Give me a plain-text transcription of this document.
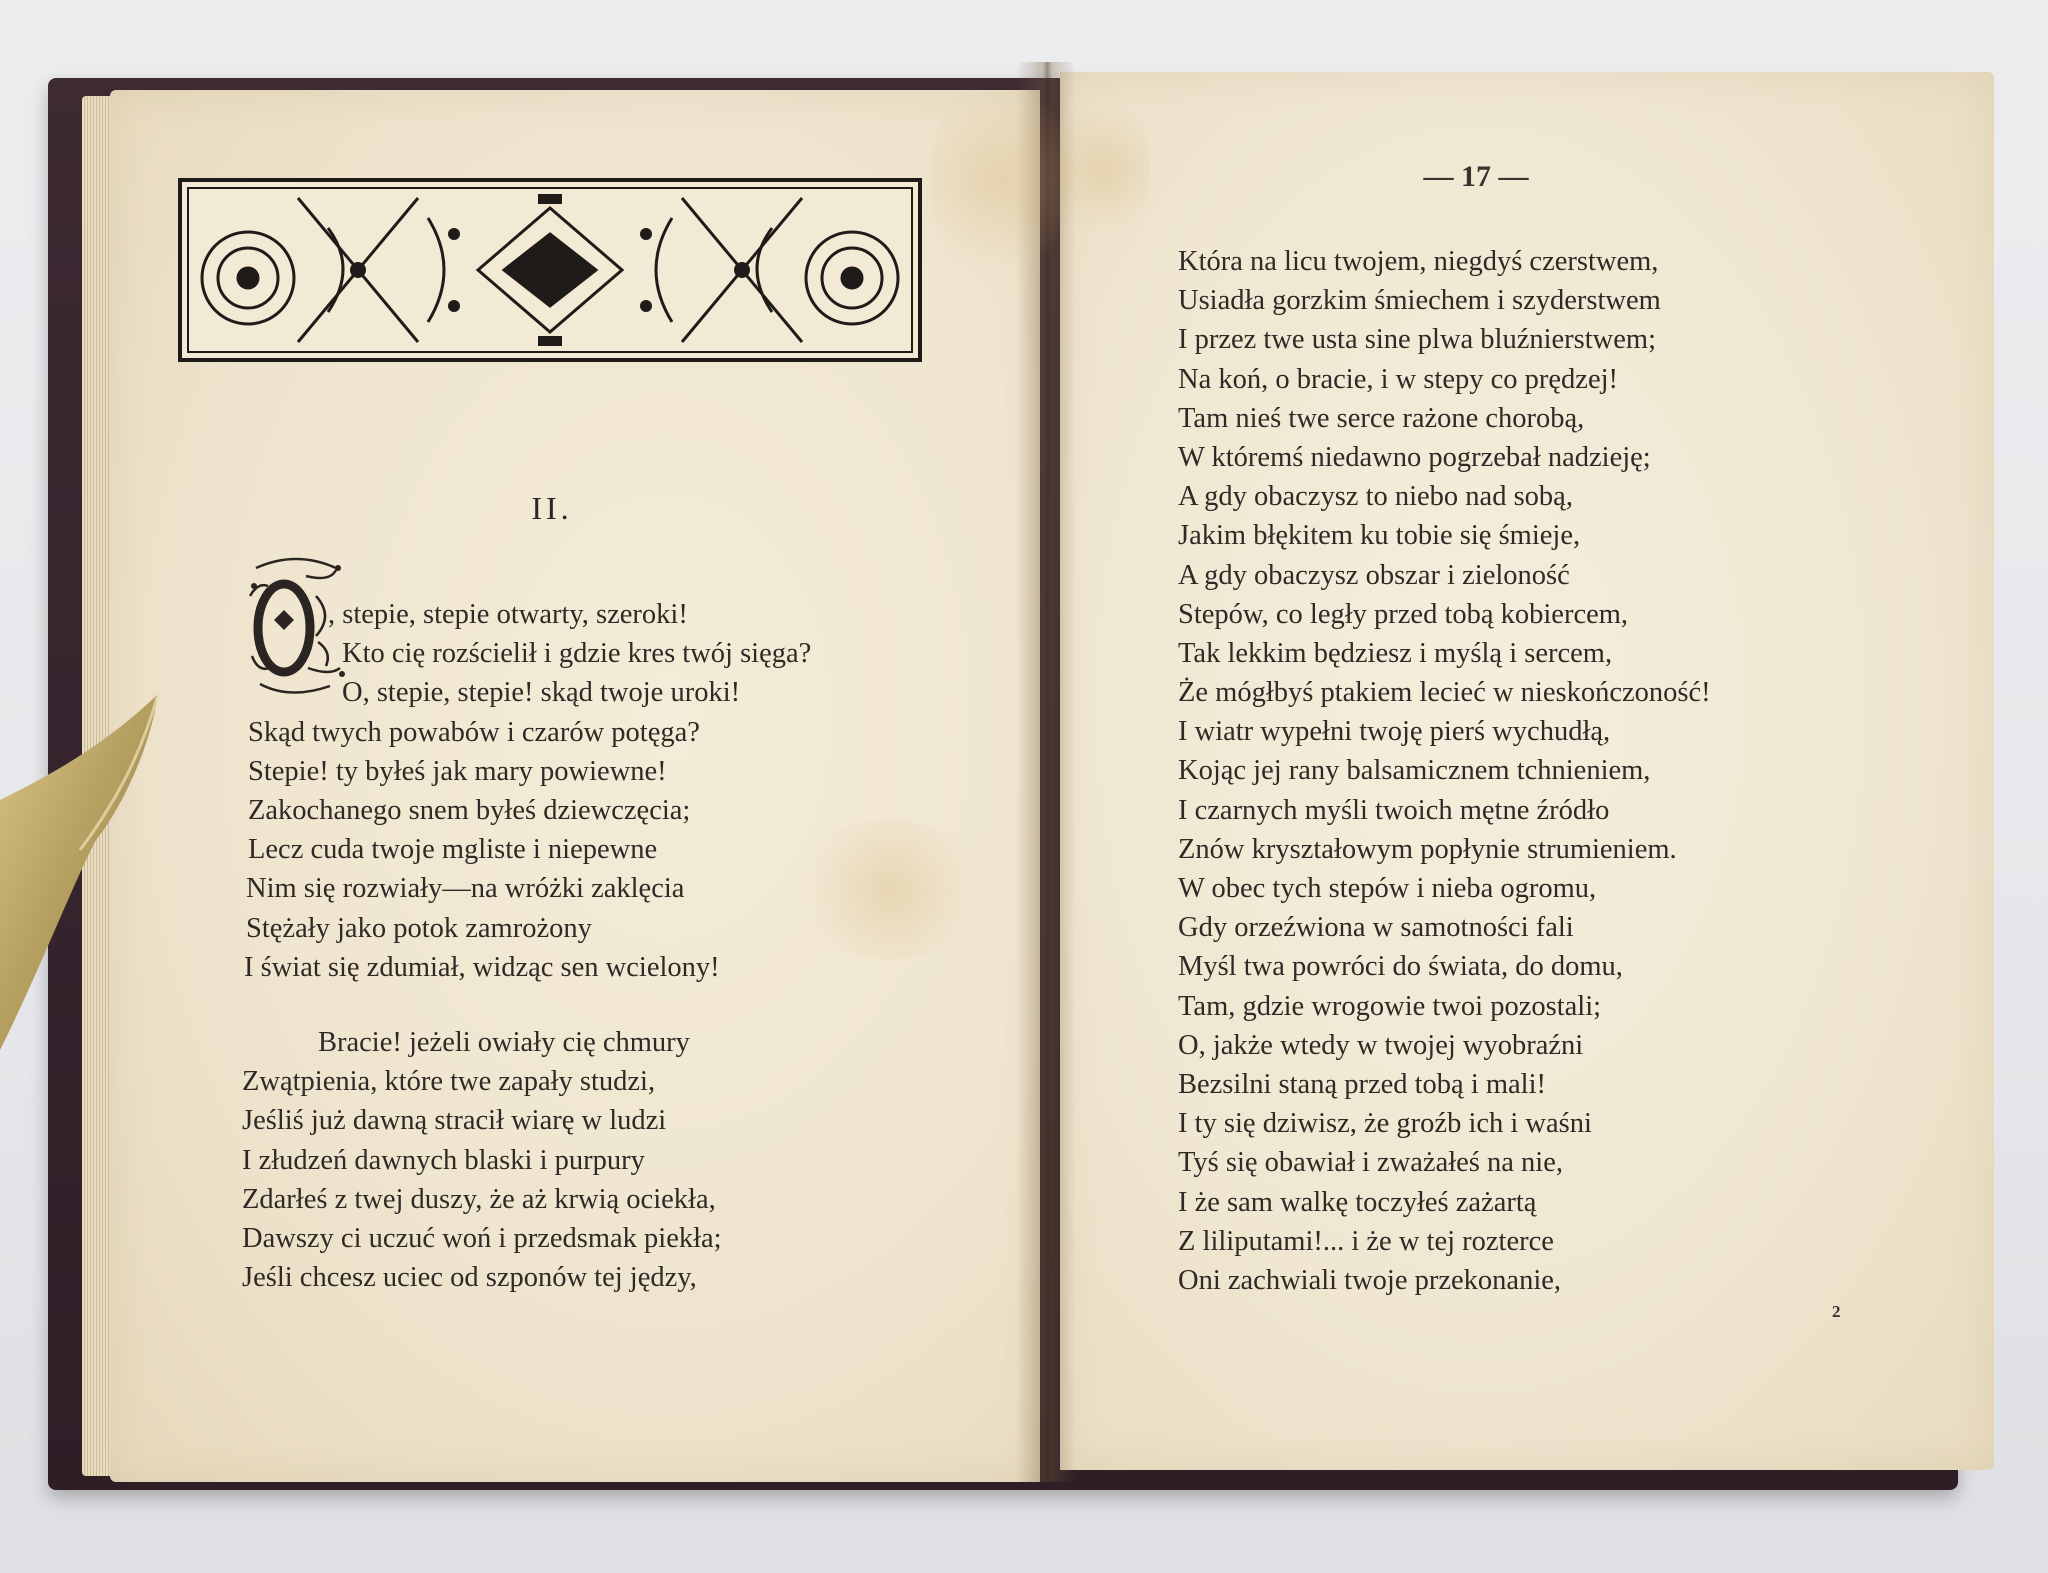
II.
, stepie, stepie otwarty, szeroki!
Kto cię rozścielił i gdzie kres twój sięga?
O, stepie, stepie! skąd twoje uroki!
Skąd twych powabów i czarów potęga?
Stepie! ty byłeś jak mary powiewne!
Zakochanego snem byłeś dziewczęcia;
Lecz cuda twoje mgliste i niepewne
Nim się rozwiały—na wróżki zaklęcia
Stężały jako potok zamrożony
I świat się zdumiał, widząc sen wcielony!
Bracie! jeżeli owiały cię chmury
Zwątpienia, które twe zapały studzi,
Jeśliś już dawną stracił wiarę w ludzi
I złudzeń dawnych blaski i purpury
Zdarłeś z twej duszy, że aż krwią ociekła,
Dawszy ci uczuć woń i przedsmak piekła;
Jeśli chcesz uciec od szponów tej jędzy,
— 17 —
Która na licu twojem, niegdyś czerstwem,
Usiadła gorzkim śmiechem i szyderstwem
I przez twe usta sine plwa bluźnierstwem;
Na koń, o bracie, i w stepy co prędzej!
Tam nieś twe serce rażone chorobą,
W któremś niedawno pogrzebał nadzieję;
A gdy obaczysz to niebo nad sobą,
Jakim błękitem ku tobie się śmieje,
A gdy obaczysz obszar i zieloność
Stepów, co legły przed tobą kobiercem,
Tak lekkim będziesz i myślą i sercem,
Że mógłbyś ptakiem lecieć w nieskończoność!
I wiatr wypełni twoję pierś wychudłą,
Kojąc jej rany balsamicznem tchnieniem,
I czarnych myśli twoich mętne źródło
Znów kryształowym popłynie strumieniem.
W obec tych stepów i nieba ogromu,
Gdy orzeźwiona w samotności fali
Myśl twa powróci do świata, do domu,
Tam, gdzie wrogowie twoi pozostali;
O, jakże wtedy w twojej wyobraźni
Bezsilni staną przed tobą i mali!
I ty się dziwisz, że groźb ich i waśni
Tyś się obawiał i zważałeś na nie,
I że sam walkę toczyłeś zażartą
Z liliputami!... i że w tej rozterce
Oni zachwiali twoje przekonanie,
2
